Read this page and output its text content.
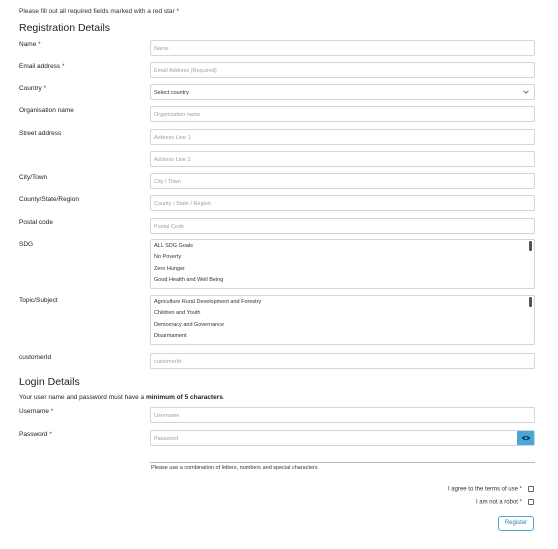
Please fill out all required fields marked with a red star *
Registration Details
Name *
Name
Email address *
Email Address (Required)
Country *
Select country
Organisation name
Organization name
Street address
Address Line 1
Address Line 2
City/Town
City / Town
County/State/Region
County / State / Region
Postal code
Postal Code
SDG	ALL SDG Goals
No Poverty
Zero Hunger
Good Health and Well Being
Topic/Subject	Agriculture Rural Development and Forestry
Children and Youth
Democracy and Governance
Disarmament
customerId
customerId
Login Details
Your user name and password must have a minimum of 5 characters.
Username *
Username
Password *
Password
Please use a combination of letters, numbers and special characters
I agree to the terms of use *
I am not a robot *
Register
